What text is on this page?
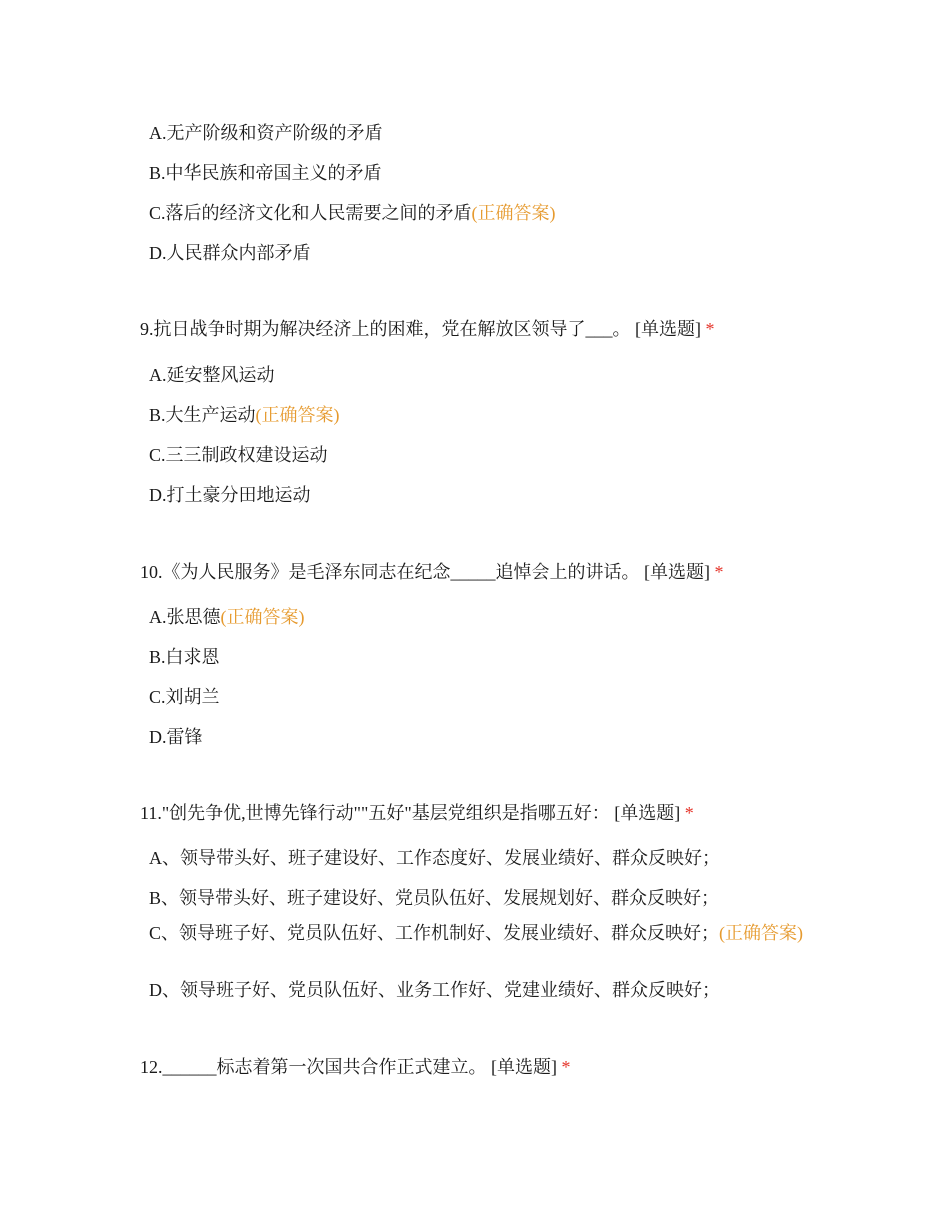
A.无产阶级和资产阶级的矛盾
B.中华民族和帝国主义的矛盾
C.落后的经济文化和人民需要之间的矛盾(正确答案)
D.人民群众内部矛盾
9.抗日战争时期为解决经济上的困难，党在解放区领导了___。 [单选题] *
A.延安整风运动
B.大生产运动(正确答案)
C.三三制政权建设运动
D.打土豪分田地运动
10.《为人民服务》是毛泽东同志在纪念_____追悼会上的讲话。 [单选题] *
A.张思德(正确答案)
B.白求恩
C.刘胡兰
D.雷锋
11."创先争优,世博先锋行动""五好"基层党组织是指哪五好： [单选题] *
A、领导带头好、班子建设好、工作态度好、发展业绩好、群众反映好；
B、领导带头好、班子建设好、党员队伍好、发展规划好、群众反映好；
C、领导班子好、党员队伍好、工作机制好、发展业绩好、群众反映好；(正确答案)
D、领导班子好、党员队伍好、业务工作好、党建业绩好、群众反映好；
12.______标志着第一次国共合作正式建立。 [单选题] *
